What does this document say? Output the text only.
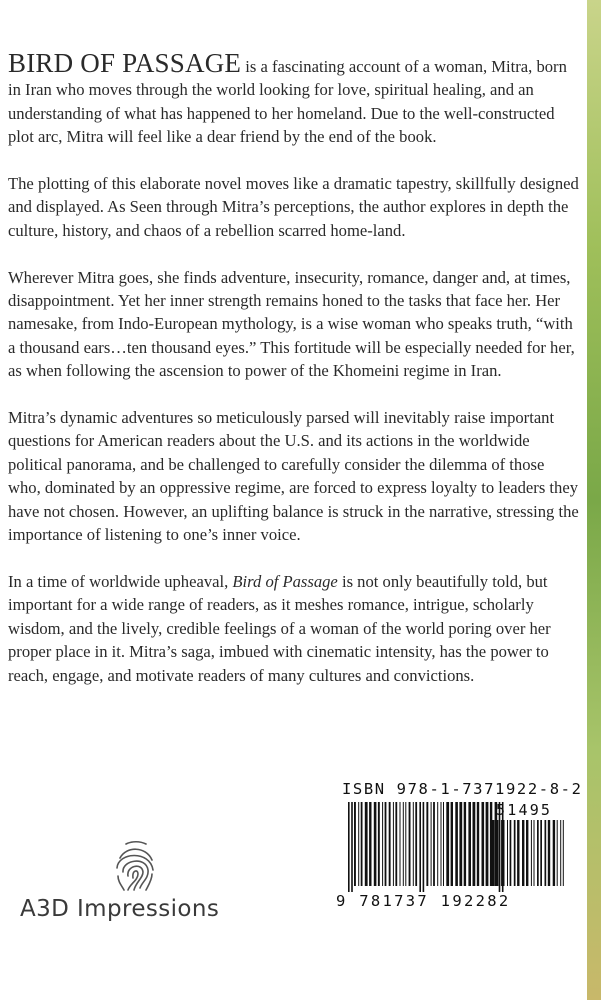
BIRD OF PASSAGE is a fascinating account of a woman, Mitra, born in Iran who moves through the world looking for love, spiritual healing, and an understanding of what has happened to her homeland. Due to the well-constructed plot arc, Mitra will feel like a dear friend by the end of the book.

The plotting of this elaborate novel moves like a dramatic tapestry, skillfully designed and displayed. As Seen through Mitra’s perceptions, the author explores in depth the culture, history, and chaos of a rebellion scarred home-land.

Wherever Mitra goes, she finds adventure, insecurity, romance, danger and, at times, disappointment. Yet her inner strength remains honed to the tasks that face her. Her namesake, from Indo-European mythology, is a wise woman who speaks truth, “with a thousand ears…ten thousand eyes.” This fortitude will be especially needed for her, as when following the ascension to power of the Khomeini regime in Iran.

Mitra’s dynamic adventures so meticulously parsed will inevitably raise important questions for American readers about the U.S. and its actions in the worldwide political panorama, and be challenged to carefully consider the dilemma of those who, dominated by an oppressive regime, are forced to express loyalty to leaders they have not chosen. However, an uplifting balance is struck in the narrative, stressing the importance of listening to one’s inner voice.

In a time of worldwide upheaval, Bird of Passage is not only beautifully told, but important for a wide range of readers, as it meshes romance, intrigue, scholarly wisdom, and the lively, credible feelings of a woman of the world poring over her proper place in it. Mitra’s saga, imbued with cinematic intensity, has the power to reach, engage, and motivate readers of many cultures and convictions.

A3D Impressions
ISBN 978-1-7371922-8-2
51495
9 781737 192282
